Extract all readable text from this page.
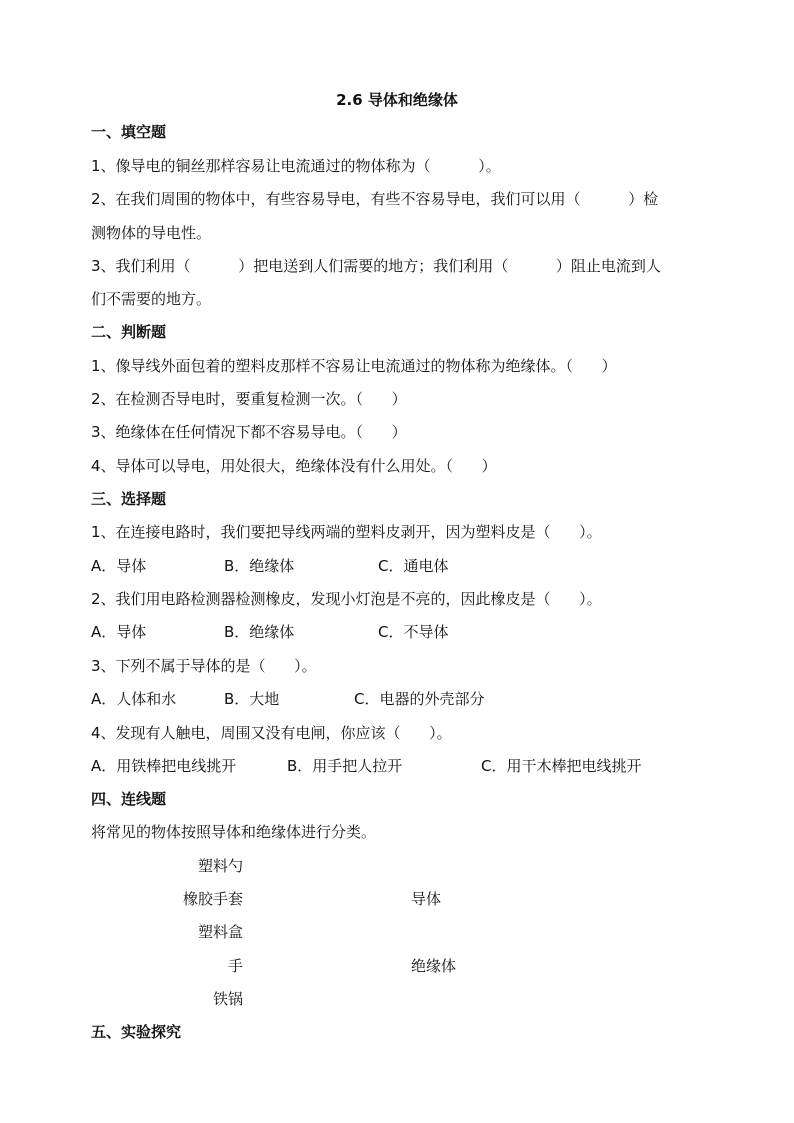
2.6 导体和绝缘体
一、填空题
1、像导电的铜丝那样容易让电流通过的物体称为（          ）。
2、在我们周围的物体中，有些容易导电，有些不容易导电，我们可以用（          ）检
测物体的导电性。
3、我们利用（          ）把电送到人们需要的地方；我们利用（          ）阻止电流到人
们不需要的地方。
二、判断题
1、像导线外面包着的塑料皮那样不容易让电流通过的物体称为绝缘体。（      ）
2、在检测否导电时，要重复检测一次。（      ）
3、绝缘体在任何情况下都不容易导电。（      ）
4、导体可以导电，用处很大，绝缘体没有什么用处。（      ）
三、选择题
1、在连接电路时，我们要把导线两端的塑料皮剥开，因为塑料皮是（      ）。
A．导体	B．绝缘体	C．通电体
2、我们用电路检测器检测橡皮，发现小灯泡是不亮的，因此橡皮是（      ）。
A．导体	B．绝缘体	C．不导体
3、下列不属于导体的是（      ）。
A．人体和水	B．大地	C．电器的外壳部分
4、发现有人触电，周围又没有电闸，你应该（      ）。
A．用铁棒把电线挑开	B．用手把人拉开	C．用干木棒把电线挑开
四、连线题
将常见的物体按照导体和绝缘体进行分类。
塑料勺
橡胶手套
塑料盒
手
铁锅
导体
绝缘体
五、实验探究
